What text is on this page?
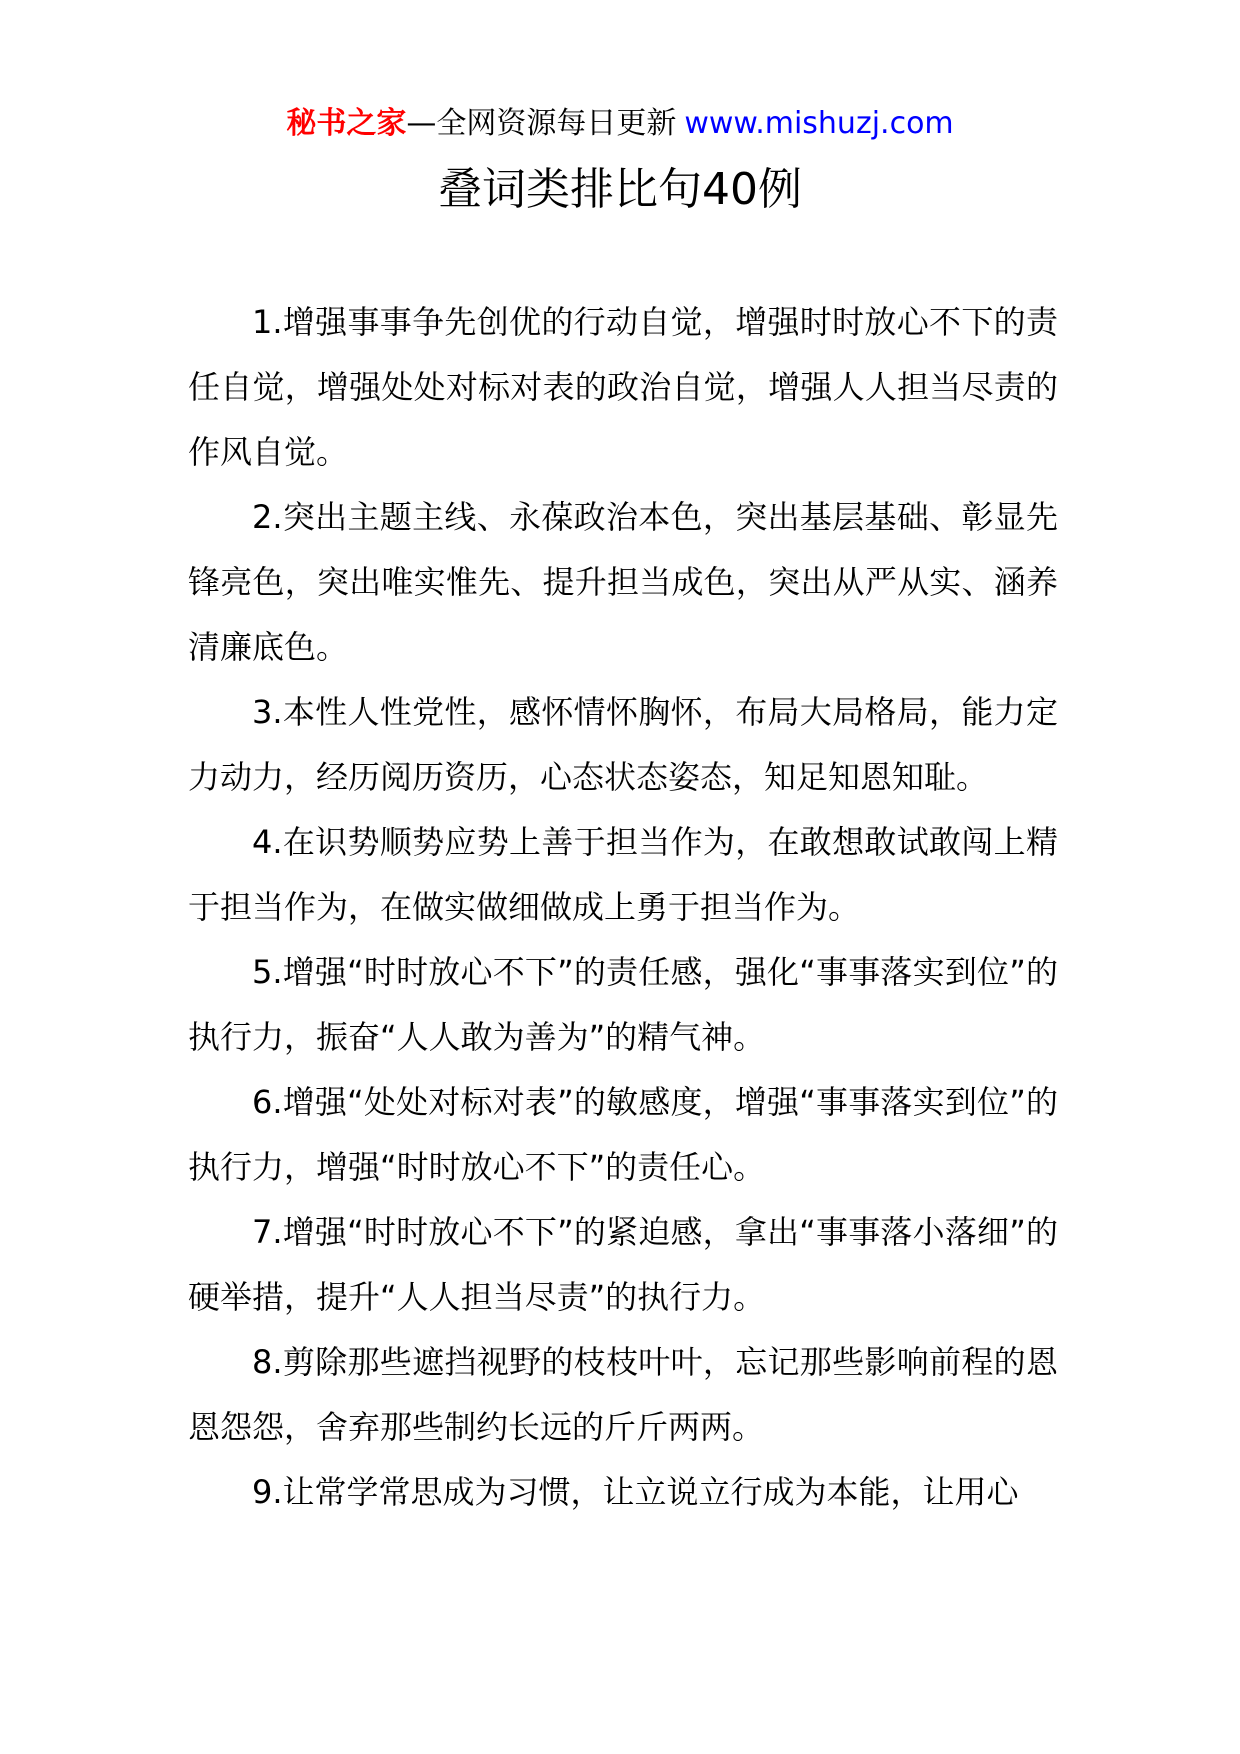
秘书之家—全网资源每日更新 www.mishuzj.com
叠词类排比句40例

1.增强事事争先创优的行动自觉，增强时时放心不下的责任自觉，增强处处对标对表的政治自觉，增强人人担当尽责的作风自觉。

2.突出主题主线、永葆政治本色，突出基层基础、彰显先锋亮色，突出唯实惟先、提升担当成色，突出从严从实、涵养清廉底色。

3.本性人性党性，感怀情怀胸怀，布局大局格局，能力定力动力，经历阅历资历，心态状态姿态，知足知恩知耻。

4.在识势顺势应势上善于担当作为，在敢想敢试敢闯上精于担当作为，在做实做细做成上勇于担当作为。

5.增强“时时放心不下”的责任感，强化“事事落实到位”的执行力，振奋“人人敢为善为”的精气神。

6.增强“处处对标对表”的敏感度，增强“事事落实到位”的执行力，增强“时时放心不下”的责任心。

7.增强“时时放心不下”的紧迫感，拿出“事事落小落细”的硬举措，提升“人人担当尽责”的执行力。

8.剪除那些遮挡视野的枝枝叶叶，忘记那些影响前程的恩恩怨怨，舍弃那些制约长远的斤斤两两。

9.让常学常思成为习惯，让立说立行成为本能，让用心
